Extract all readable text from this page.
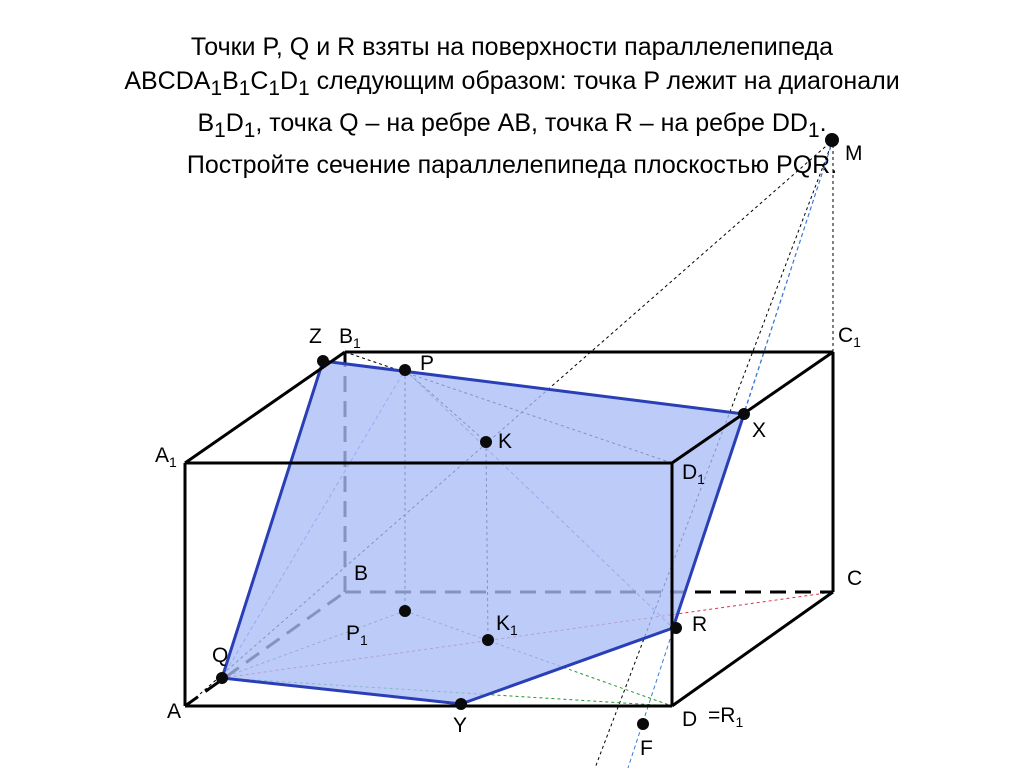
Точки P, Q и R взяты на поверхности параллелепипеда
$ABCDA_1B_1C_1D_1$ следующим образом: точка P лежит на диагонали
$B_1D_1$, точка Q – на ребре AB, точка R – на ребре $DD_1$.
Постройте сечение параллелепипеда плоскостью PQR.
Z $B_1$
P
$C_1$
$A_1$
K	X
$D_1$
B	C
$P_1$
$K_1$	R
Q
A
Y	$D =R_1$
F
M
